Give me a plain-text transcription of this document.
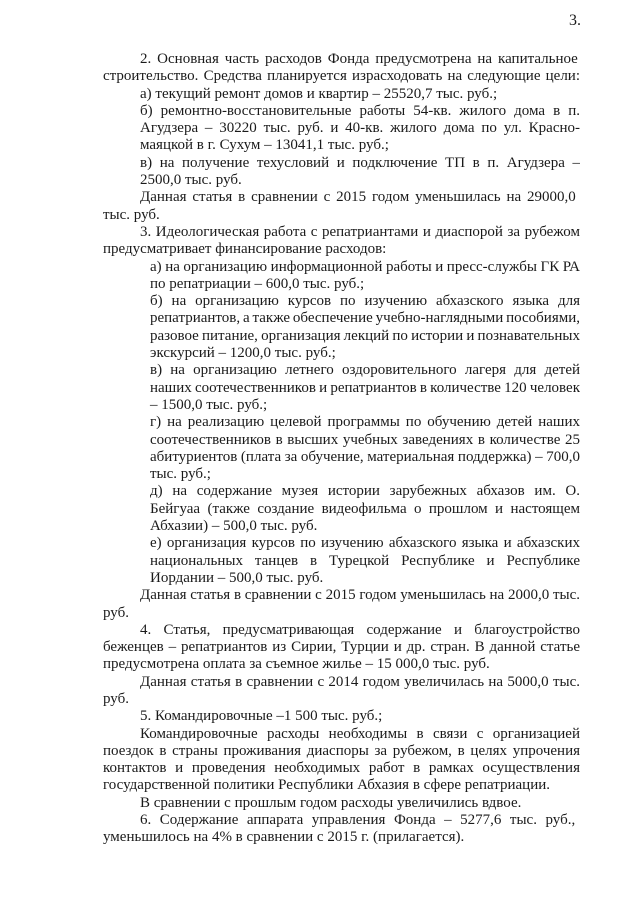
3.
2. Основная часть расходов Фонда предусмотрена на капитальное
строительство. Средства планируется израсходовать на следующие цели:
а) текущий ремонт домов и квартир – 25520,7 тыс. руб.;
б) ремонтно-восстановительные работы 54-кв. жилого дома в п.
Агудзера – 30220 тыс. руб. и 40-кв. жилого дома по ул. Красно-
маяцкой в г. Сухум – 13041,1 тыс. руб.;
в) на получение техусловий и подключение ТП в п. Агудзера –
2500,0 тыс. руб.
Данная статья в сравнении с 2015 годом уменьшилась на 29000,0
тыс. руб.
3. Идеологическая работа с репатриантами и диаспорой за рубежом
предусматривает финансирование расходов:
а) на организацию информационной работы и пресс-службы ГК РА
по репатриации – 600,0 тыс. руб.;
б) на организацию курсов по изучению абхазского языка для
репатриантов, а также обеспечение учебно-наглядными пособиями,
разовое питание, организация лекций по истории и познавательных
экскурсий – 1200,0 тыс. руб.;
в) на организацию летнего оздоровительного лагеря для детей
наших соотечественников и репатриантов в количестве 120 человек
– 1500,0 тыс. руб.;
г) на реализацию целевой программы по обучению детей наших
соотечественников в высших учебных заведениях в количестве 25
абитуриентов (плата за обучение, материальная поддержка) – 700,0
тыс. руб.;
д) на содержание музея истории зарубежных абхазов им. О.
Бейгуаа (также создание видеофильма о прошлом и настоящем
Абхазии) – 500,0 тыс. руб.
е) организация курсов по изучению абхазского языка и абхазских
национальных танцев в Турецкой Республике и Республике
Иордании – 500,0 тыс. руб.
Данная статья в сравнении с 2015 годом уменьшилась на 2000,0 тыс.
руб.
4. Статья, предусматривающая содержание и благоустройство
беженцев – репатриантов из Сирии, Турции и др. стран. В данной статье
предусмотрена оплата за съемное жилье – 15 000,0 тыс. руб.
Данная статья в сравнении с 2014 годом увеличилась на 5000,0 тыс.
руб.
5. Командировочные –1 500 тыс. руб.;
Командировочные расходы необходимы в связи с организацией
поездок в страны проживания диаспоры за рубежом, в целях упрочения
контактов и проведения необходимых работ в рамках осуществления
государственной политики Республики Абхазия в сфере репатриации.
В сравнении с прошлым годом расходы увеличились вдвое.
6. Содержание аппарата управления Фонда – 5277,6 тыс. руб.,
уменьшилось на 4% в сравнении с 2015 г. (прилагается).
